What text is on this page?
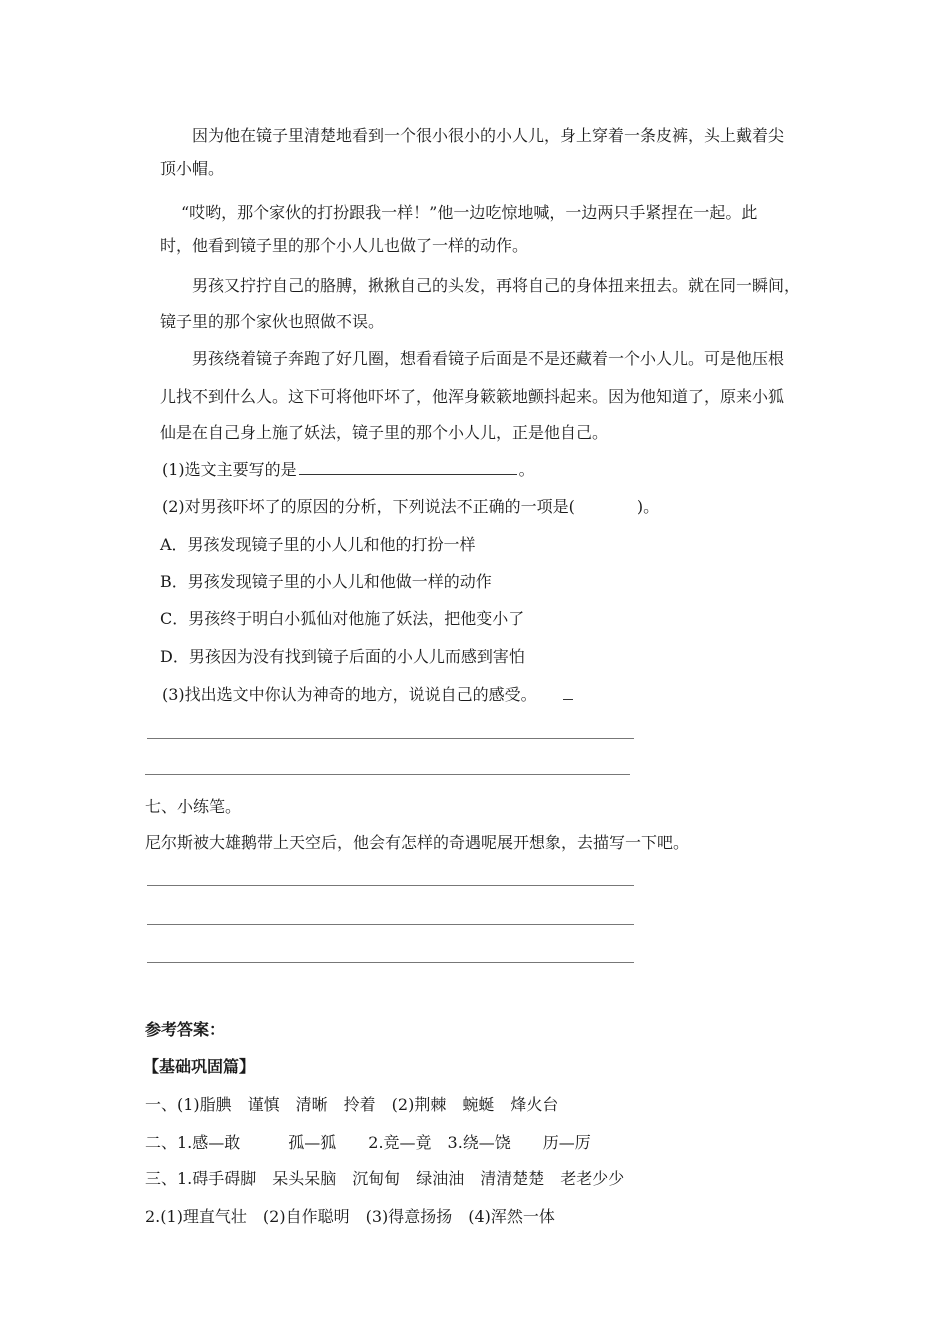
因为他在镜子里清楚地看到一个很小很小的小人儿，身上穿着一条皮裤，头上戴着尖
顶小帽。
“哎哟，那个家伙的打扮跟我一样！”他一边吃惊地喊，一边两只手紧捏在一起。此
时，他看到镜子里的那个小人儿也做了一样的动作。
男孩又拧拧自己的胳膊，揪揪自己的头发，再将自己的身体扭来扭去。就在同一瞬间，
镜子里的那个家伙也照做不误。
男孩绕着镜子奔跑了好几圈，想看看镜子后面是不是还藏着一个小人儿。可是他压根
儿找不到什么人。这下可将他吓坏了，他浑身簌簌地颤抖起来。因为他知道了，原来小狐
仙是在自己身上施了妖法，镜子里的那个小人儿，正是他自己。
(1)选文主要写的是	。
(2)对男孩吓坏了的原因的分析，下列说法不正确的一项是(	)。
A．男孩发现镜子里的小人儿和他的打扮一样
B．男孩发现镜子里的小人儿和他做一样的动作
C．男孩终于明白小狐仙对他施了妖法，把他变小了
D．男孩因为没有找到镜子后面的小人儿而感到害怕
(3)找出选文中你认为神奇的地方，说说自己的感受。
七、小练笔。
尼尔斯被大雄鹅带上天空后，他会有怎样的奇遇呢展开想象，去描写一下吧。
参考答案：
【基础巩固篇】
一、(1)脂腆　谨慎　清晰　拎着　(2)荆棘　蜿蜒　烽火台
二、1.感—敢　　　孤—狐　　2.竞—竟　3.绕—饶　　历—厉
三、1.碍手碍脚　呆头呆脑　沉甸甸　绿油油　清清楚楚　老老少少
2.(1)理直气壮　(2)自作聪明　(3)得意扬扬　(4)浑然一体
